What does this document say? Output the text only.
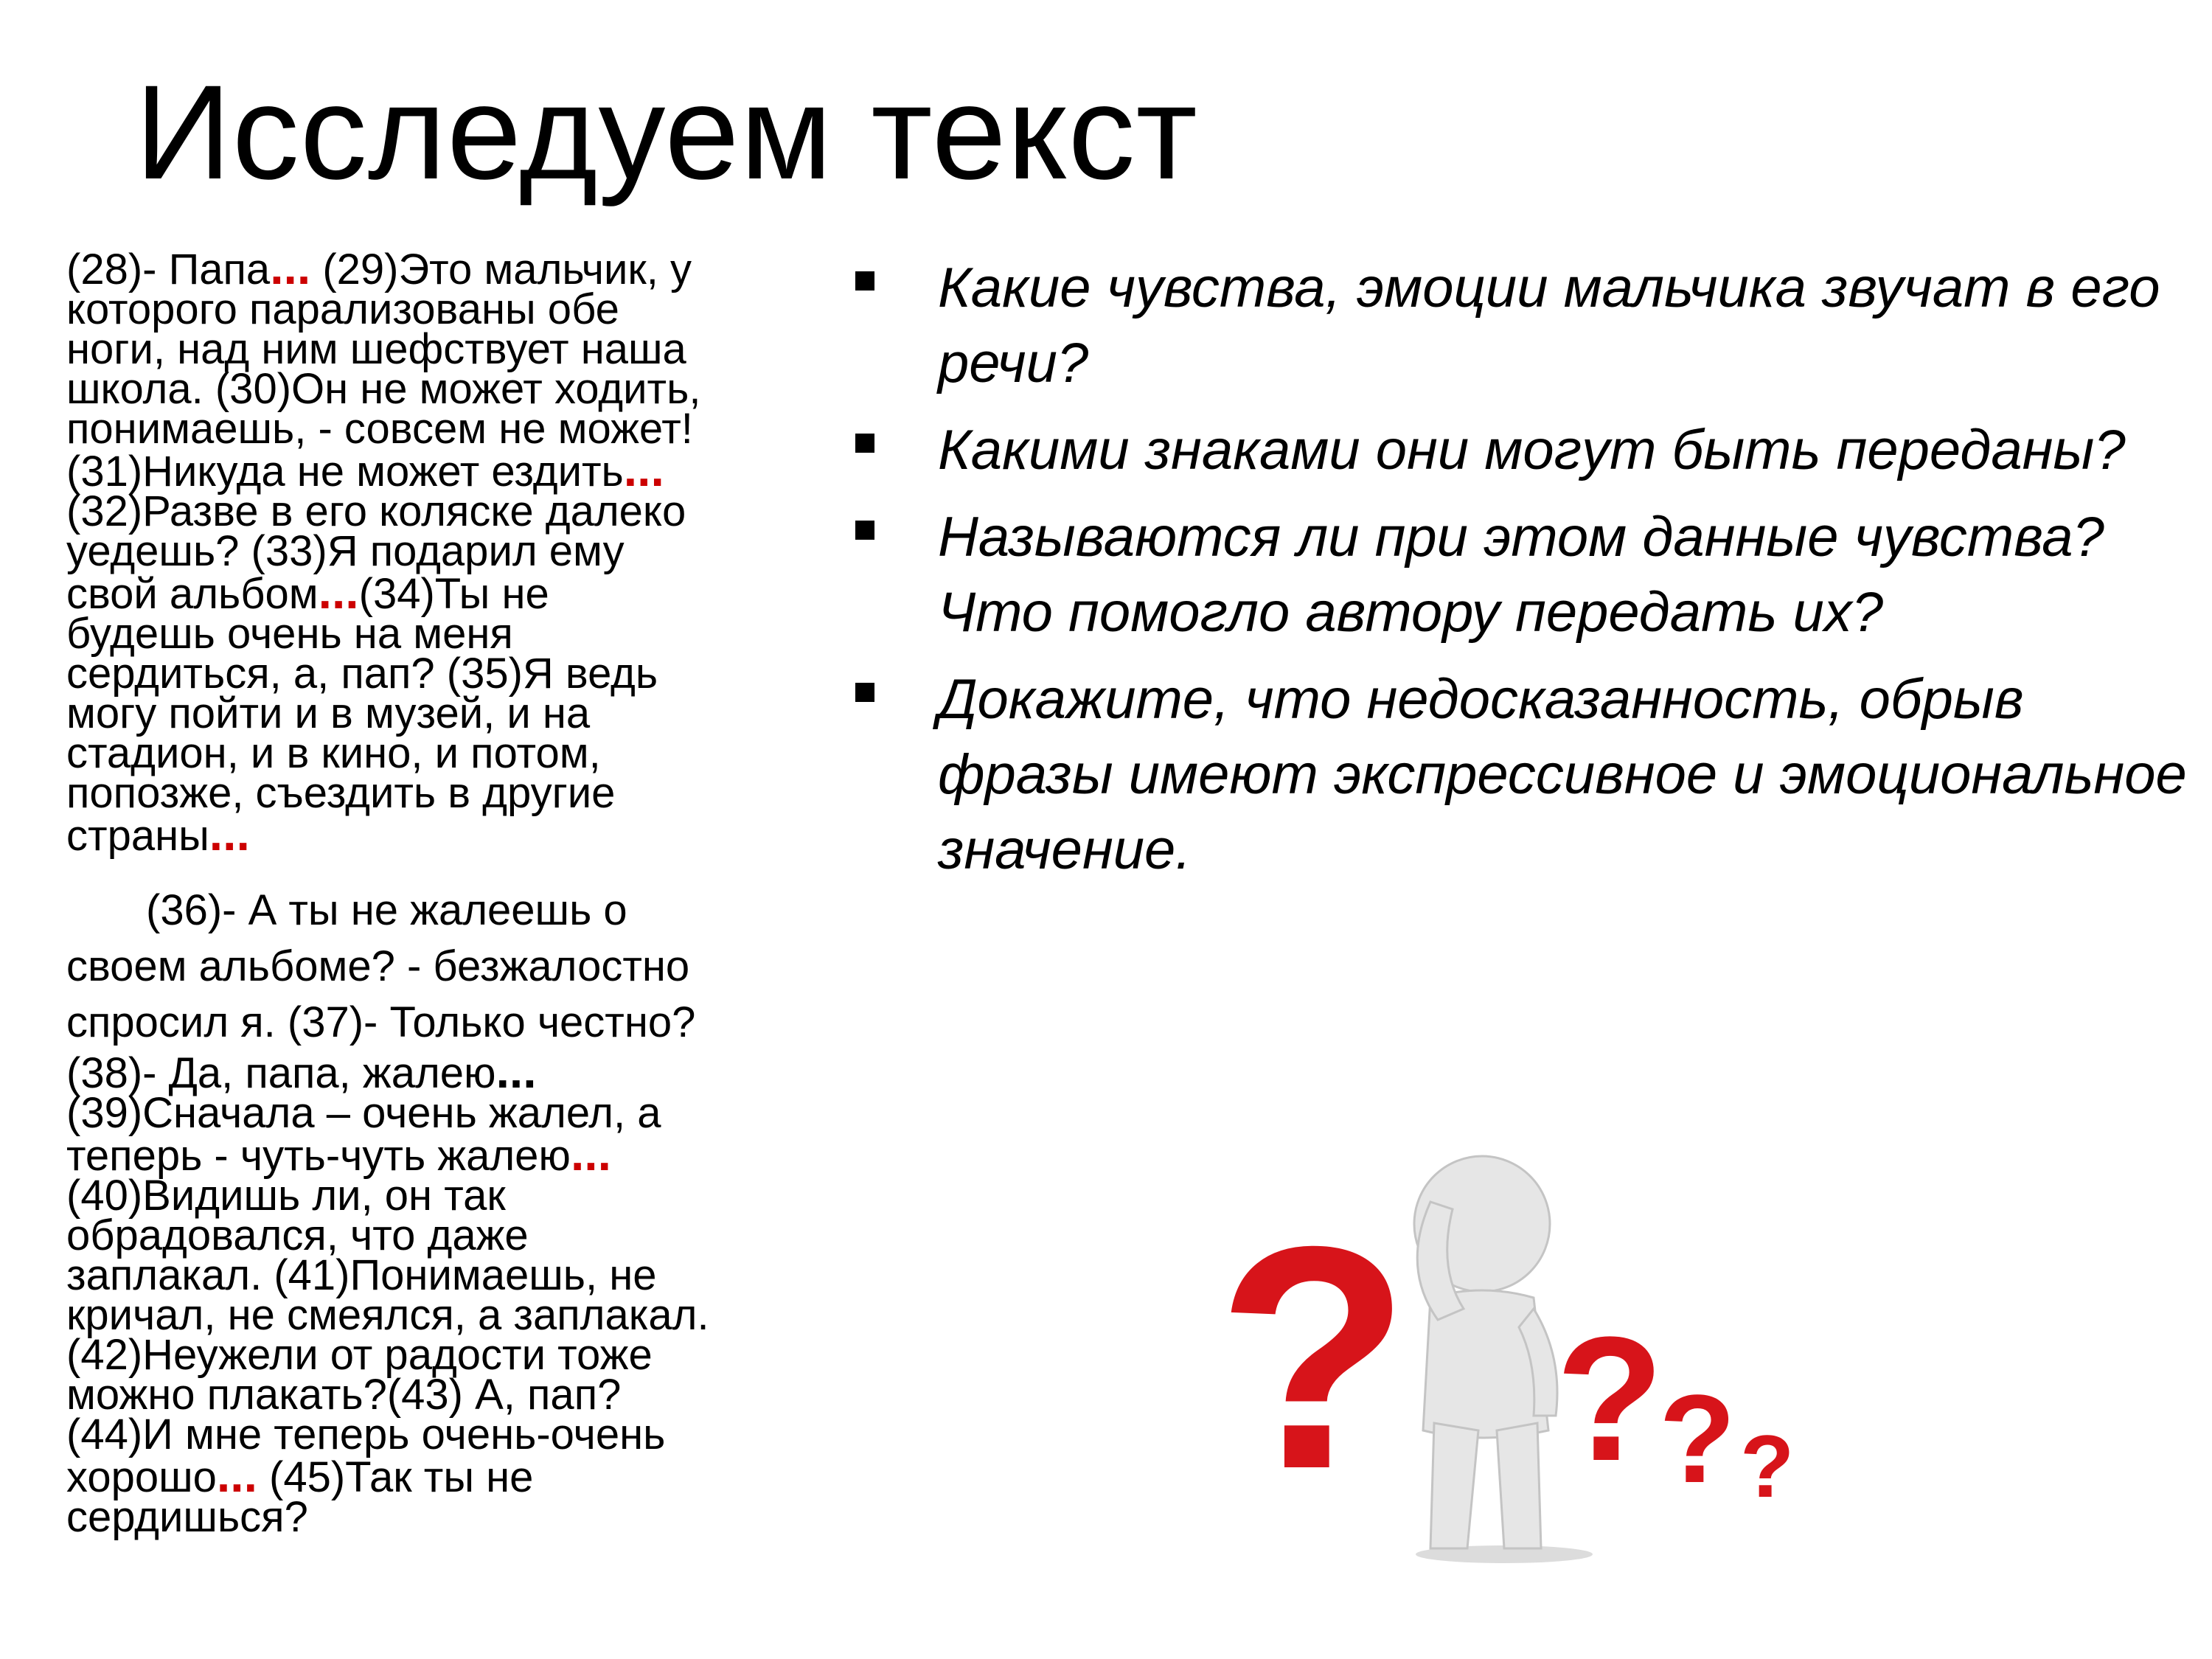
Исследуем текст

(28)- Папа... (29)Это мальчик, у
которого парализованы обе
ноги, над ним шефствует наша
школа. (30)Он не может ходить,
понимаешь, - совсем не может!
(31)Никуда не может ездить...
(32)Разве в его коляске далеко
уедешь? (33)Я подарил ему
свой альбом...(34)Ты не
будешь очень на меня
сердиться, а, пап? (35)Я ведь
могу пойти и в музей, и на
стадион, и в кино, и потом,
попозже, съездить в другие
страны...

(36)- А ты не жалеешь о
своем альбоме? - безжалостно
спросил я. (37)- Только честно?

(38)- Да, папа, жалею...
(39)Сначала – очень жалел, а
теперь - чуть-чуть жалею...
(40)Видишь ли, он так
обрадовался, что даже
заплакал. (41)Понимаешь, не
кричал, не смеялся, а заплакал.
(42)Неужели от радости тоже
можно плакать?(43) А, пап?
(44)И мне теперь очень-очень
хорошо... (45)Так ты не
сердишься?

Какие чувства, эмоции мальчика звучат в его речи?
Какими знаками они могут быть переданы?
Называются ли при этом данные чувства? Что помогло автору передать их?
Докажите, что недосказанность, обрыв фразы имеют экспрессивное и эмоциональное значение.
? ?
? ?
